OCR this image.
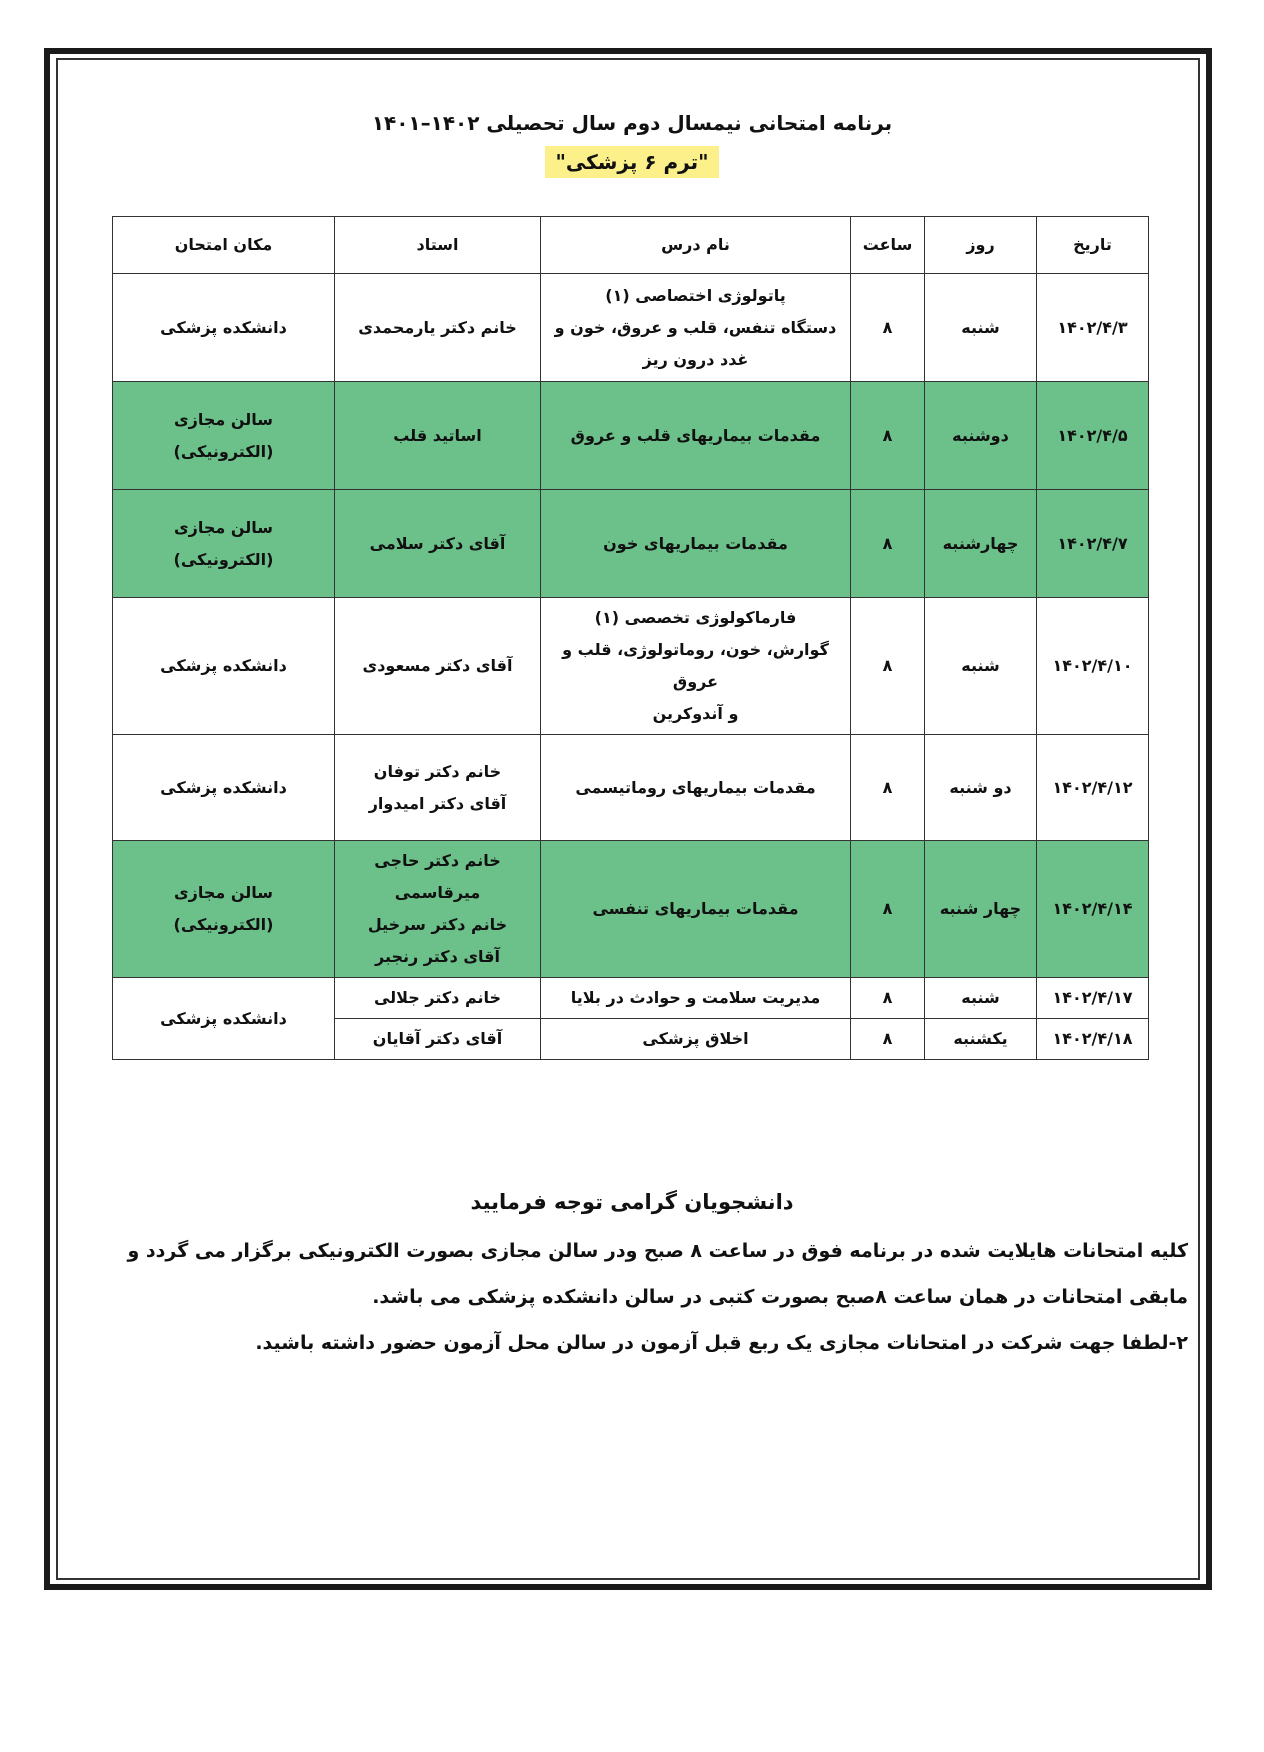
برنامه امتحانی نیمسال دوم سال تحصیلی ۱۴۰۲–۱۴۰۱
"ترم ۶ پزشکی"
تاریخ	روز	ساعت	نام درس	استاد	مکان امتحان
۱۴۰۲/۴/۳	شنبه	۸	پاتولوژی اختصاصی (۱)
دستگاه تنفس، قلب و عروق، خون و
غدد درون ریز	خانم دکتر یارمحمدی	دانشکده پزشکی

۱۴۰۲/۴/۵	دوشنبه	۸	مقدمات بیماریهای قلب و عروق	اساتید قلب	سالن مجازی
(الکترونیکی)

۱۴۰۲/۴/۷	چهارشنبه	۸	مقدمات بیماریهای خون	آقای دکتر سلامی	سالن مجازی
(الکترونیکی)

۱۴۰۲/۴/۱۰	شنبه	۸	فارماکولوژی تخصصی (۱)
گوارش، خون، روماتولوژی، قلب و
عروق
و آندوکرین	آقای دکتر مسعودی	دانشکده پزشکی

۱۴۰۲/۴/۱۲	دو شنبه	۸	مقدمات بیماریهای روماتیسمی	خانم دکتر توفان
آقای دکتر امیدوار	دانشکده پزشکی

۱۴۰۲/۴/۱۴	چهار شنبه	۸	مقدمات بیماریهای تنفسی	خانم دکتر حاجی
میرقاسمی
خانم دکتر سرخیل
آقای دکتر رنجبر	سالن مجازی
(الکترونیکی)

۱۴۰۲/۴/۱۷	شنبه	۸	مدیریت سلامت و حوادث در بلایا	خانم دکتر جلالی	دانشکده پزشکی

۱۴۰۲/۴/۱۸	یکشنبه	۸	اخلاق پزشکی	آقای دکتر آقایان	
دانشجویان گرامی توجه فرمایید

کلیه امتحانات هایلایت شده در برنامه فوق در ساعت ۸ صبح ودر سالن مجازی بصورت الکترونیکی برگزار می گردد و مابقی امتحانات در همان ساعت ۸صبح بصورت کتبی در سالن دانشکده پزشکی می باشد.

۲-لطفا جهت شرکت در امتحانات مجازی یک ربع قبل آزمون در سالن محل آزمون حضور داشته باشید.
